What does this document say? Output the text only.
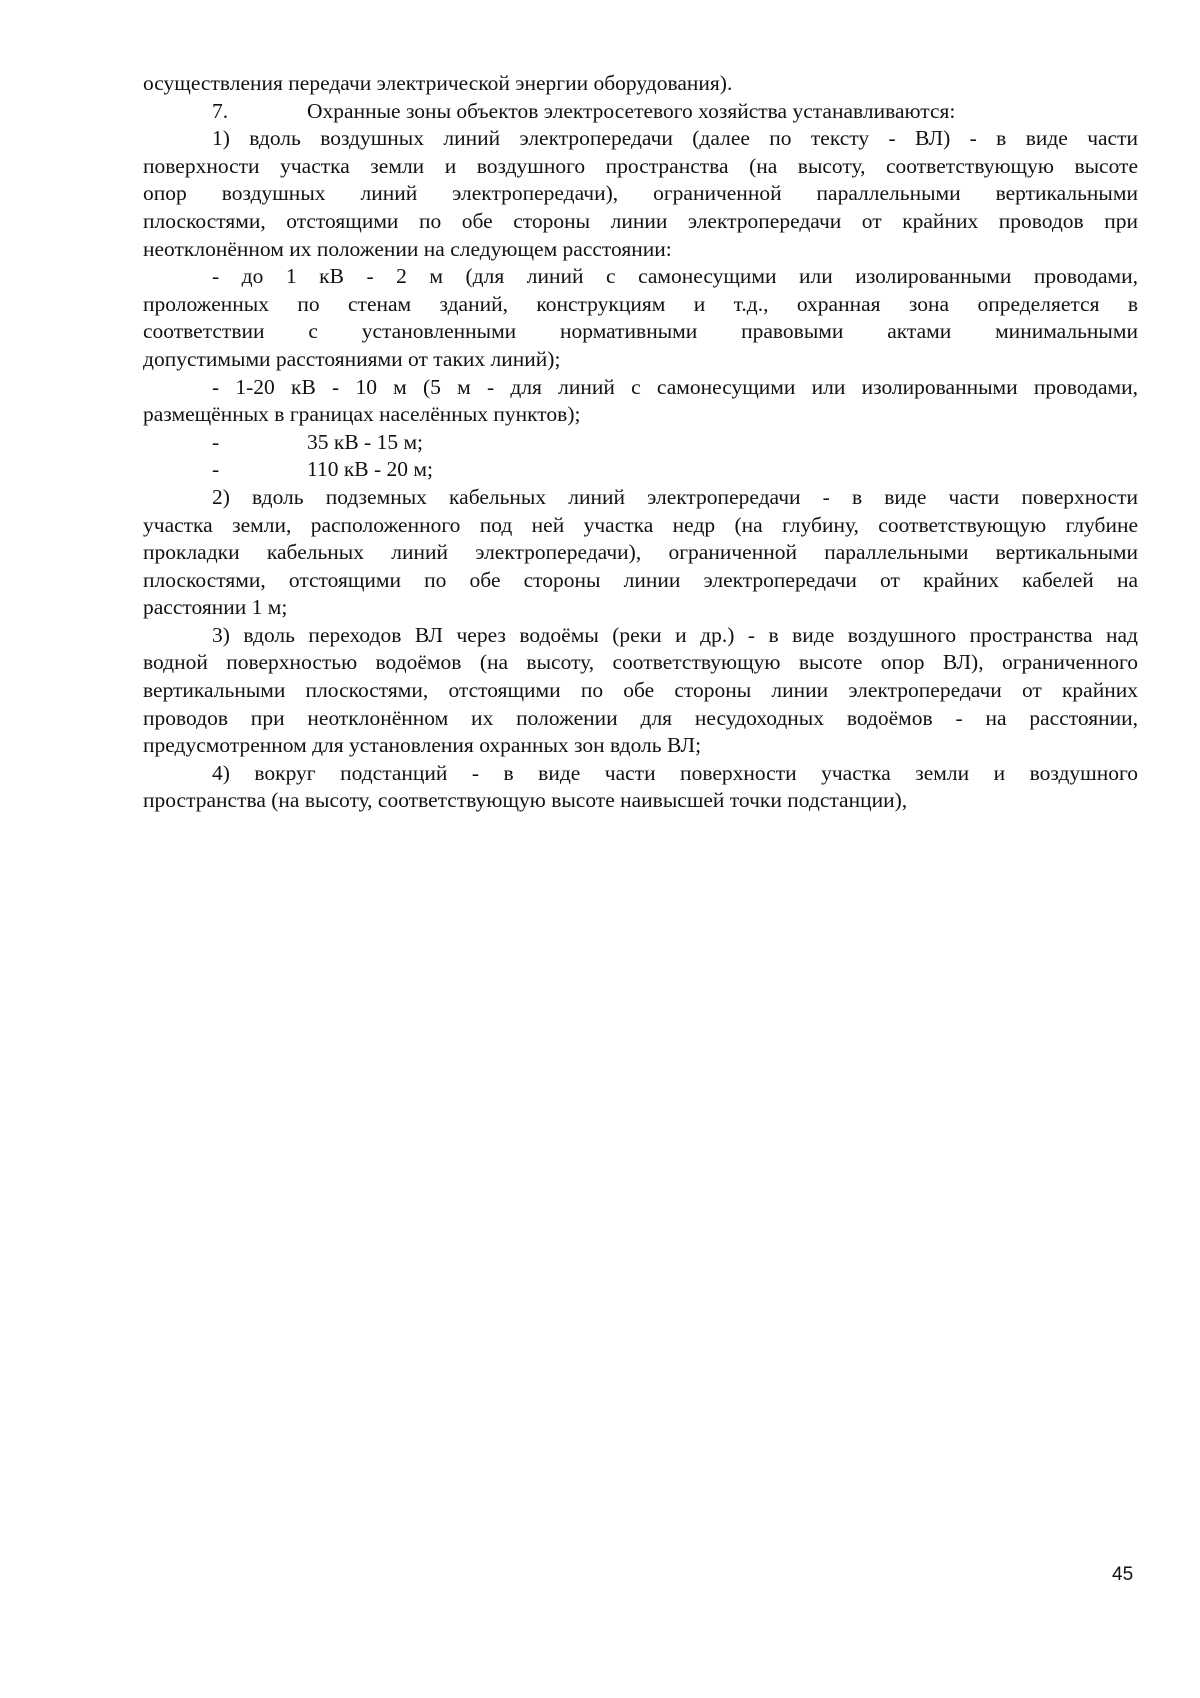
осуществления передачи электрической энергии оборудования).
7.	Охранные зоны объектов электросетевого хозяйства устанавливаются:
1) вдоль воздушных линий электропередачи (далее по тексту - ВЛ) - в виде части
поверхности участка земли и воздушного пространства (на высоту, соответствующую высоте
опор воздушных линий электропередачи), ограниченной параллельными вертикальными
плоскостями, отстоящими по обе стороны линии электропередачи от крайних проводов при
неотклонённом их положении на следующем расстоянии:
- до 1 кВ - 2 м (для линий с самонесущими или изолированными проводами,
проложенных по стенам зданий, конструкциям и т.д., охранная зона определяется в
соответствии с установленными нормативными правовыми актами минимальными
допустимыми расстояниями от таких линий);
- 1-20 кВ - 10 м (5 м - для линий с самонесущими или изолированными проводами,
размещённых в границах населённых пунктов);
-	35 кВ - 15 м;
-	110 кВ - 20 м;
2) вдоль подземных кабельных линий электропередачи - в виде части поверхности
участка земли, расположенного под ней участка недр (на глубину, соответствующую глубине
прокладки кабельных линий электропередачи), ограниченной параллельными вертикальными
плоскостями, отстоящими по обе стороны линии электропередачи от крайних кабелей на
расстоянии 1 м;
3) вдоль переходов ВЛ через водоёмы (реки и др.) - в виде воздушного пространства над
водной поверхностью водоёмов (на высоту, соответствующую высоте опор ВЛ), ограниченного
вертикальными плоскостями, отстоящими по обе стороны линии электропередачи от крайних
проводов при неотклонённом их положении для несудоходных водоёмов - на расстоянии,
предусмотренном для установления охранных зон вдоль ВЛ;
4) вокруг подстанций - в виде части поверхности участка земли и воздушного
пространства (на высоту, соответствующую высоте наивысшей точки подстанции),
45
